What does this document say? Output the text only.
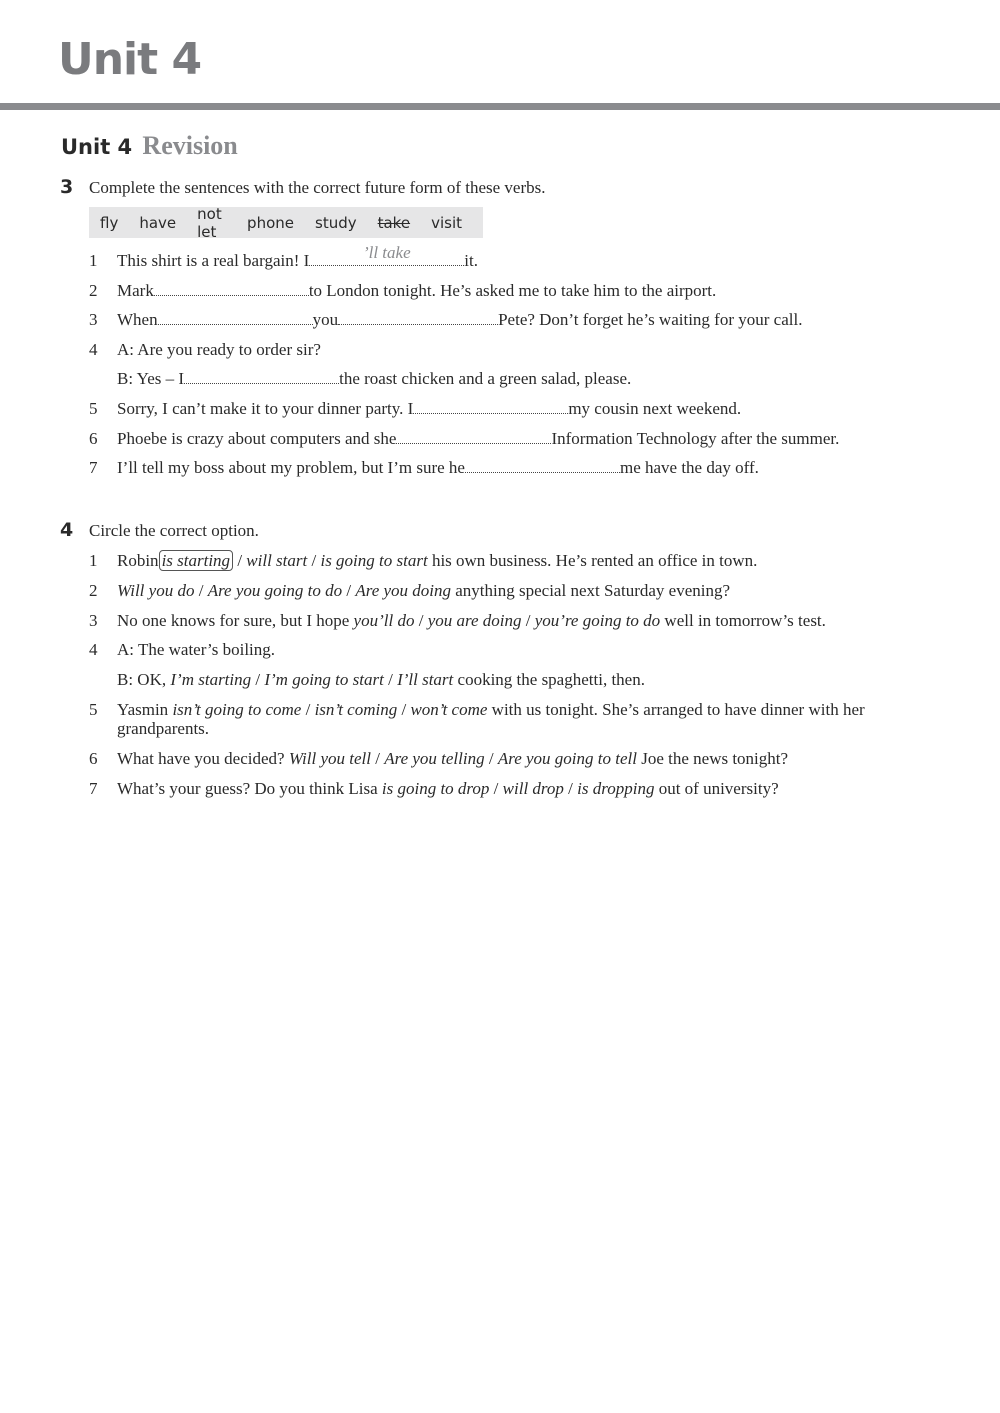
Unit 4
Unit 4 Revision
3 Complete the sentences with the correct future form of these verbs.
fly have not let	phone study take visit
1 This shirt is a real bargain! I	’ll take	it.
2 Mark	to London tonight. He’s asked me to take him to the airport.
3 When	you	Pete? Don’t forget he’s waiting for your call.
4 A: Are you ready to order sir?
B: Yes – I	the roast chicken and a green salad, please.
5 Sorry, I can’t make it to your dinner party. I	my cousin next weekend.
6 Phoebe is crazy about computers and she	Information Technology after the summer.
7 I’ll tell my boss about my problem, but I’m sure he	me have the day off.
4 Circle the correct option.
1 Robin is starting / will start / is going to start his own business. He’s rented an office in town.
2 Will you do / Are you going to do / Are you doing anything special next Saturday evening?
3 No one knows for sure, but I hope you’ll do / you are doing / you’re going to do well in tomorrow’s test.
4 A: The water’s boiling.
B: OK, I’m starting / I’m going to start / I’ll start cooking the spaghetti, then.
5	Yasmin isn’t going to come / isn’t coming / won’t come with us tonight. She’s arranged to have dinner with her grandparents.
6 What have you decided? Will you tell / Are you telling / Are you going to tell Joe the news tonight?
7 What’s your guess? Do you think Lisa is going to drop / will drop / is dropping out of university?
